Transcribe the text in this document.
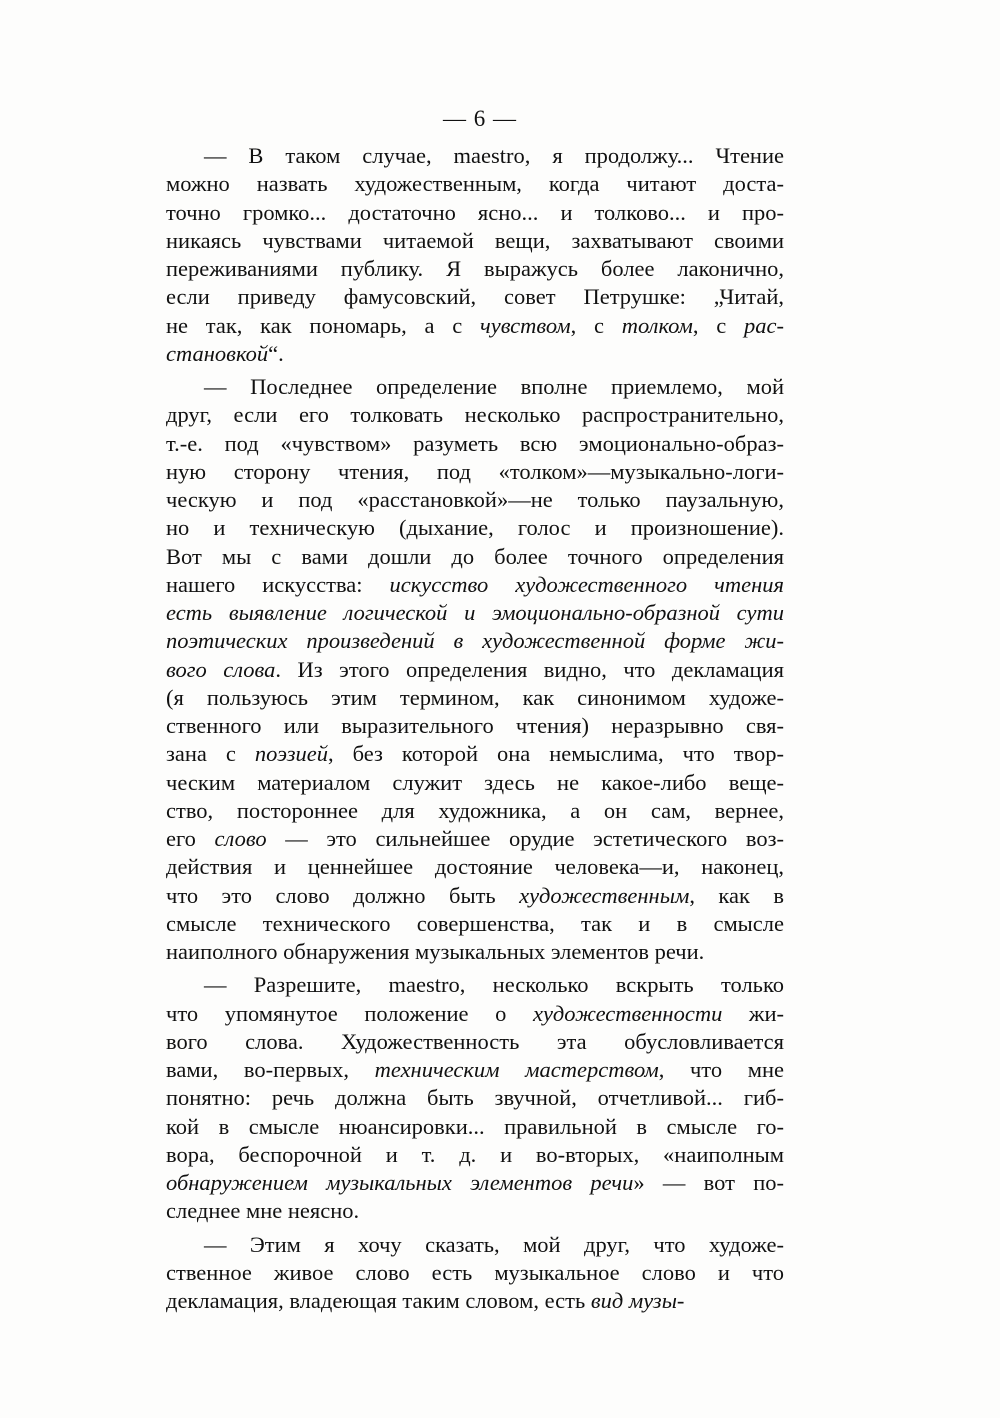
— 6 —
— В таком случае, maestro, я продолжу... Чтение
можно назвать художественным, когда читают доста-
точно громко... достаточно ясно... и толково... и про-
никаясь чувствами читаемой вещи, захватывают своими
переживаниями публику. Я выражусь более лаконично,
если приведу фамусовский, совет Петрушке: „Читай,
не так, как пономарь, а с чувством, с толком, с рас-
становкой“.
— Последнее определение вполне приемлемо, мой
друг, если его толковать несколько распространительно,
т.-е. под «чувством» разуметь всю эмоционально-образ-
ную сторону чтения, под «толком»—музыкально-логи-
ческую и под «расстановкой»—не только паузальную,
но и техническую (дыхание, голос и произношение).
Вот мы с вами дошли до более точного определения
нашего искусства: искусство художественного чтения
есть выявление логической и эмоционально-образной сути
поэтических произведений в художественной форме жи-
вого слова. Из этого определения видно, что декламация
(я пользуюсь этим термином, как синонимом художе-
ственного или выразительного чтения) неразрывно свя-
зана с поэзией, без которой она немыслима, что твор-
ческим материалом служит здесь не какое-либо веще-
ство, постороннее для художника, а он сам, вернее,
его слово — это сильнейшее орудие эстетического воз-
действия и ценнейшее достояние человека—и, наконец,
что это слово должно быть художественным, как в
смысле технического совершенства, так и в смысле
наиполного обнаружения музыкальных элементов речи.
— Разрешите, maestro, несколько вскрыть только
что упомянутое положение о художественности жи-
вого слова. Художественность эта обусловливается
вами, во-первых, техническим мастерством, что мне
понятно: речь должна быть звучной, отчетливой... гиб-
кой в смысле нюансировки... правильной в смысле го-
вора, беспорочной и т. д. и во-вторых, «наиполным
обнаружением музыкальных элементов речи» — вот по-
следнее мне неясно.
— Этим я хочу сказать, мой друг, что художе-
ственное живое слово есть музыкальное слово и что
декламация, владеющая таким словом, есть вид музы-
